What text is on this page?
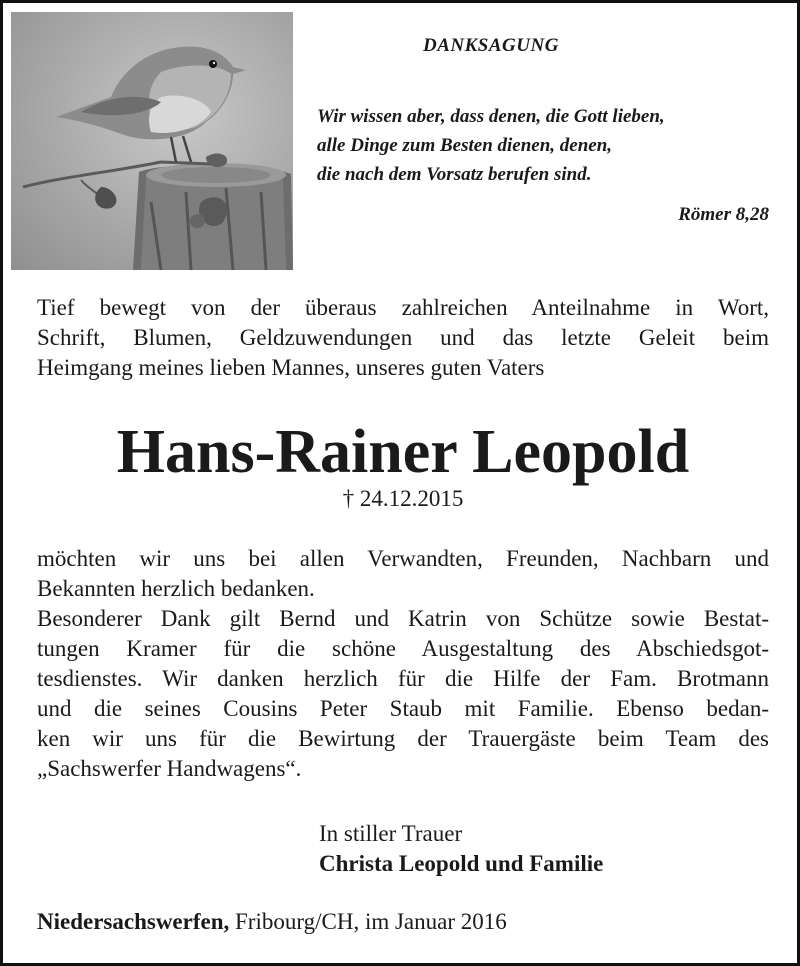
DANKSAGUNG
Wir wissen aber, dass denen, die Gott lieben,
alle Dinge zum Besten dienen, denen,
die nach dem Vorsatz berufen sind.
Römer 8,28
Tief bewegt von der überaus zahlreichen Anteilnahme in Wort,
Schrift, Blumen, Geldzuwendungen und das letzte Geleit beim
Heimgang meines lieben Mannes, unseres guten Vaters
Hans-Rainer Leopold
† 24.12.2015
möchten wir uns bei allen Verwandten, Freunden, Nachbarn und
Bekannten herzlich bedanken.
Besonderer Dank gilt Bernd und Katrin von Schütze sowie Bestat-
tungen Kramer für die schöne Ausgestaltung des Abschiedsgot-
tesdienstes. Wir danken herzlich für die Hilfe der Fam. Brotmann
und die seines Cousins Peter Staub mit Familie. Ebenso bedan-
ken wir uns für die Bewirtung der Trauergäste beim Team des
„Sachswerfer Handwagens“.
In stiller Trauer
Christa Leopold und Familie
Niedersachswerfen, Fribourg/CH, im Januar 2016
